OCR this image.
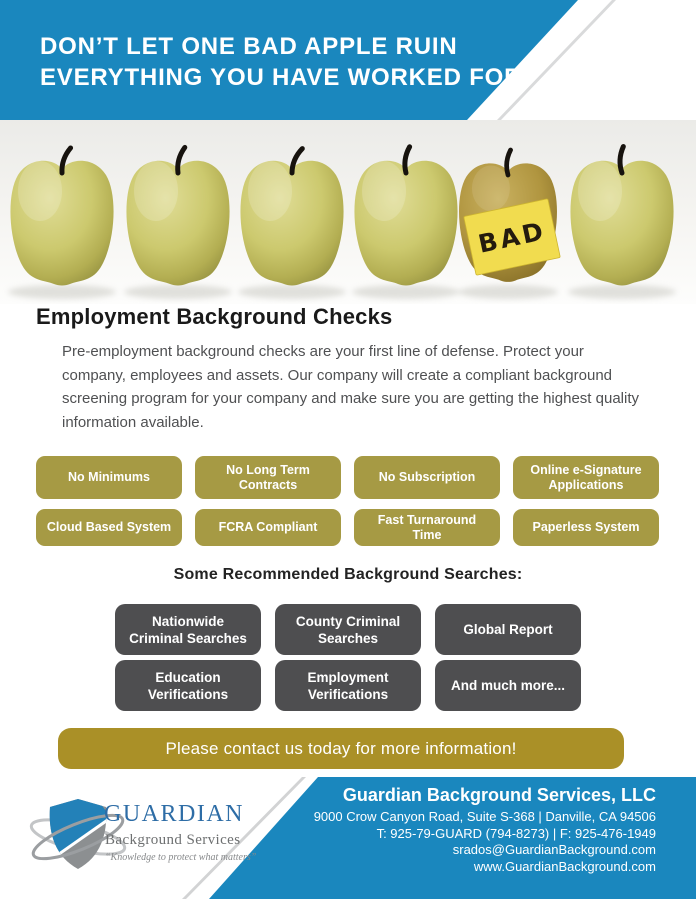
DON’T LET ONE BAD APPLE RUIN
EVERYTHING YOU HAVE WORKED FOR!
BAD
Employment Background Checks

Pre-employment background checks are your first line of defense. Protect your company, employees and assets. Our company will create a compliant background screening program for your company and make sure you are getting the highest quality information available.

No Minimums
No Long Term Contracts
No Subscription
Online e-Signature Applications
Cloud Based System	FCRA Compliant
Fast Turnaround Time
Paperless System
Some Recommended Background Searches:
Nationwide Criminal Searches
County Criminal Searches
Global Report
Education Verifications
Employment Verifications
And much more...
Please contact us today for more information!
GUARDIAN
Background Services
“Knowledge to protect what matters”
Guardian Background Services, LLC
9000 Crow Canyon Road, Suite S-368 | Danville, CA 94506
T: 925-79-GUARD (794-8273) | F: 925-476-1949
srados@GuardianBackground.com
www.GuardianBackground.com
